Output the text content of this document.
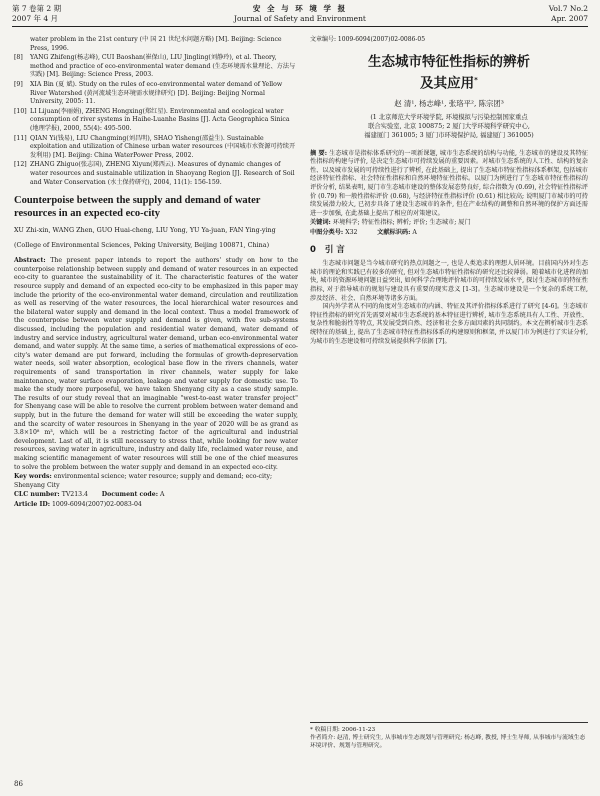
第 7 卷第 2 期
2007 年 4 月
安 全 与 环 境 学 报
Journal of Safety and Environment
Vol.7 No.2
Apr. 2007
water problem in the 21st century (中 国 21 世纪水问题方略) [M]. Beijing: Science Press, 1996.
[8] YANG Zhifeng(杨志峰), CUI Baoshan(崔保山), LIU Jingling(刘静玲), et al. Theory, method and practice of eco-environmental water demand (生态环境需水量理论、方法与实践) [M]. Beijing: Science Press, 2003.
[9] XIA Bin (夏 斌). Study on the rules of eco-environmental water demand of Yellow River Watershed (黄河流域生态环境需水规律研究) [D]. Beijing: Beijing Normal University, 2005: 11.
[10] LI Lijuan(李丽娟), ZHENG Hongxing(郑红星). Environmental and ecological water consumption of river systems in Haihe-Luanhe Basins [J]. Acta Geographica Sinica (地理学报), 2000, 55(4): 495-500.
[11] QIAN Yi(钱易), LIU Changming(刘昌明), SHAO Yisheng(邵益生). Sustainable exploitation and utilization of Chinese urban water resources (中国城市水资源可持续开发利用) [M]. Beijing: China WaterPower Press, 2002.
[12] ZHANG Zhiguo(张志国), ZHENG Xiyun(郑西云). Measures of dynamic changes of water resources and sustainable utilization in Shaoyang Region [J]. Research of Soil and Water Conservation (水土保持研究), 2004, 11(1): 156-159.
Counterpoise between the supply and demand of water resources in an expected eco-city
XU Zhi-xin, WANG Zhen, GUO Huai-cheng, LIU Yong, YU Ya-juan, FAN Ying-ying
(College of Environmental Sciences, Peking University, Beijing 100871, China)

Abstract: The present paper intends to report the authors' study on how to the counterpoise relationship between supply and demand of water resources in an expected eco-city to guarantee the sustainability of it. The characteristic features of the water resource supply and demand of an expected eco-city to be emphasized in this paper may include the priority of the eco-environmental water demand, circulation and reutilization as well as reserving of the water resources, the local hierarchical water resources and the bilateral water supply and demand in the local context. Thus a model framework of the counterpoise between water supply and demand is given, with five sub-systems discussed, including the population and residential water demand, water demand of industry and service industry, agricultural water demand, urban eco-environmental water demand, and water supply. At the same time, a series of mathematical expressions of eco-city's water demand are put forward, including the formulas of growth-depreservation water needs, soil water absorption, ecological base flow in the rivers channels, water requirements of sand transportation in river channels, water supply for lake maintenance, water surface evaporation, leakage and water supply for domestic use. To make the study more purposeful, we have taken Shenyang city as a case study sample. The results of our study reveal that an imaginable "west-to-east water transfer project" for Shenyang case will be able to resolve the current problem between water demand and supply, but in the future the demand for water will still be exceeding the water supply, and the scarcity of water resources in Shenyang in the year of 2020 will be as grand as 3.8×10⁸ m³, which will be a restricting factor of the agricultural and industrial development. Last of all, it is still necessary to stress that, while looking for new water resources, saving water in agriculture, industry and daily life, reclaimed water reuse, and making scientific management of water resources will still be one of the chief measures to solve the problem between the water supply and demand in an expected eco-city.

Key words: environmental science; water resource; supply and demand; eco-city; Shenyang City
CLC number: TV213.4 Document code: A
Article ID: 1009-6094(2007)02-0083-04
文章编号: 1009-6094(2007)02-0086-05
生态城市特征性指标的辨析
及其应用*
赵 清¹, 杨志峰¹, 张珞平², 陈宗团³
(1 北京师范大学环境学院, 环境模拟与污染控制国家重点
联合实验室, 北京 100875; 2 厦门大学环境科学研究中心,
福建厦门 361005; 3 厦门市环境保护局, 福建厦门 361005)
摘 要: 生态城市是指标体系研究的一项新课题, 城市生态系统的结构与功能, 生态城市的建设及其特征性指标的构建与评价, 是决定生态城市可持续发展的重要因素。对城市生态系统的人工性、结构的复杂性、以及城市发展的可持续性进行了辨析, 在此基础上, 提出了生态城市特征性指标体系框架, 包括城市经济特征性指标、社会特征性指标和自然环境特征性指标。以厦门为例进行了生态城市特征性指标的评价分析, 结果表明, 厦门市生态城市建设的整体发展态势良好, 综合指数为 (0.69), 社会特征性指标评价 (0.79) 和一般性指标评价 (0.68), 与经济特征性指标评价 (0.61) 相比较高; 说明厦门市城市的可持续发展潜力较大, 已初步具备了建设生态城市的条件, 但在产业结构的调整和自然环境的保护方面还需进一步加强, 在此基础上提出了相应的对策建议。
关键词: 环境科学; 特征性指标; 辨析; 评价; 生态城市; 厦门
中图分类号: X32	文献标识码: A
0 引 言

生态城市问题是当今城市研究的热点问题之一, 也是人类追求的理想人居环境。目前国内外对生态城市的理论和实践已有较多的研究, 但对生态城市特征性指标的研究还比较薄弱。随着城市化进程的加快, 城市的资源环境问题日益突出, 如何科学合理地评价城市的可持续发展水平, 探讨生态城市的特征性指标, 对于指导城市的规划与建设具有重要的现实意义 [1-3]。生态城市建设是一个复杂的系统工程, 涉及经济、社会、自然环境等诸多方面。

国内外学者从不同的角度对生态城市的内涵、特征及其评价指标体系进行了研究 [4-6]。生态城市特征性指标的研究首先需要对城市生态系统的基本特征进行辨析, 城市生态系统具有人工性、开放性、复杂性和脆弱性等特点, 其发展受到自然、经济和社会多方面因素的共同制约。本文在辨析城市生态系统特征的基础上, 提出了生态城市特征性指标体系的构建原则和框架, 并以厦门市为例进行了实证分析, 为城市的生态建设和可持续发展提供科学依据 [7]。

* 收稿日期: 2006-11-23
作者简介: 赵清, 博士研究生, 从事城市生态规划与管理研究; 杨志峰, 教授, 博士生导师, 从事城市与流域生态环境评价、规划与管理研究。
86
